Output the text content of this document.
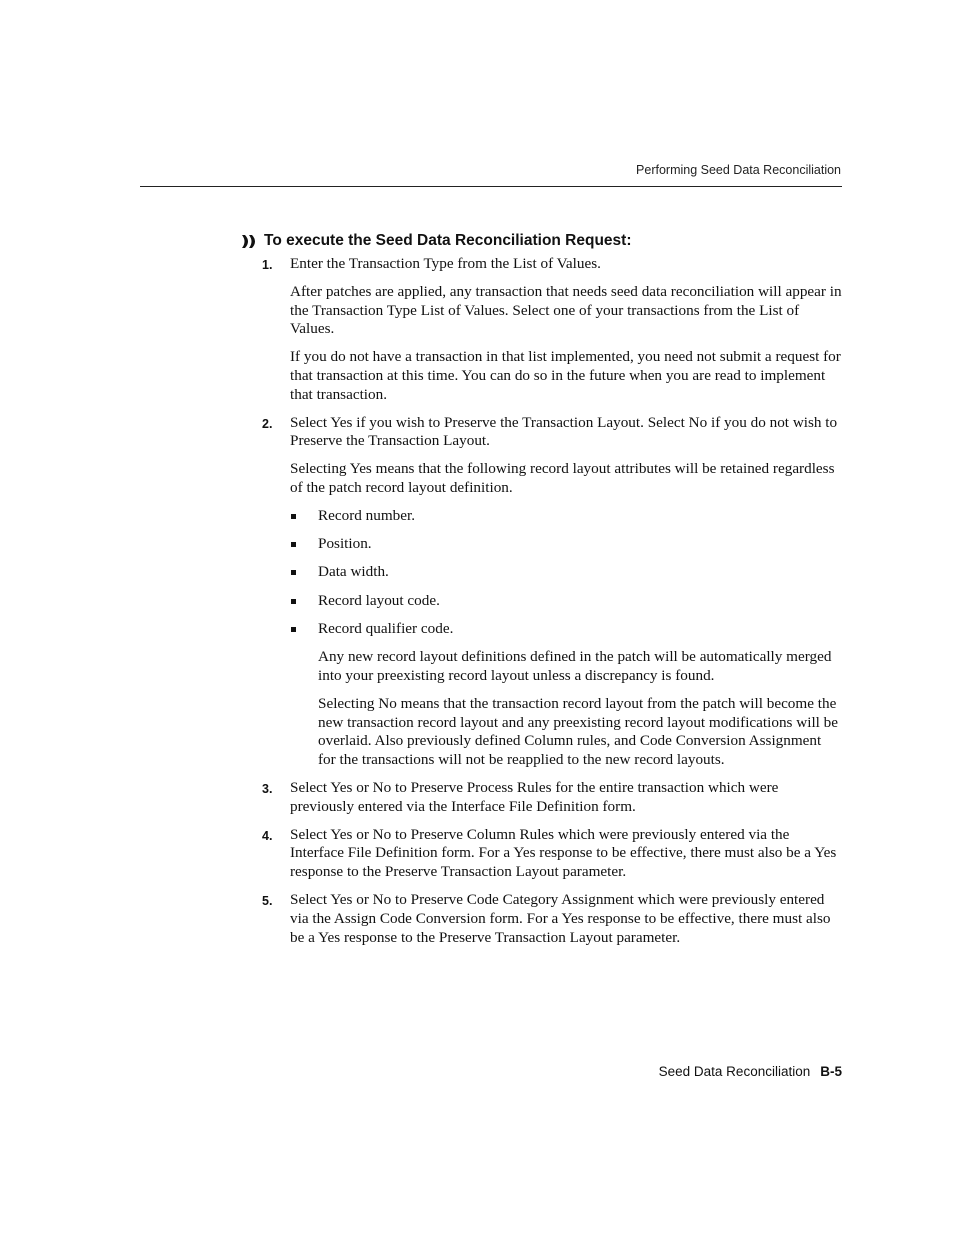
Performing Seed Data Reconciliation
To execute the Seed Data Reconciliation Request:
1. Enter the Transaction Type from the List of Values.

After patches are applied, any transaction that needs seed data reconciliation will appear in the Transaction Type List of Values. Select one of your transactions from the List of Values.

If you do not have a transaction in that list implemented, you need not submit a request for that transaction at this time. You can do so in the future when you are read to implement that transaction.

2. Select Yes if you wish to Preserve the Transaction Layout. Select No if you do not wish to Preserve the Transaction Layout.

Selecting Yes means that the following record layout attributes will be retained regardless of the patch record layout definition.

Record number.
Position.
Data width.
Record layout code.
Record qualifier code.

Any new record layout definitions defined in the patch will be automatically merged into your preexisting record layout unless a discrepancy is found.

Selecting No means that the transaction record layout from the patch will become the new transaction record layout and any preexisting record layout modifications will be overlaid. Also previously defined Column rules, and Code Conversion Assignment for the transactions will not be reapplied to the new record layouts.

3. Select Yes or No to Preserve Process Rules for the entire transaction which were previously entered via the Interface File Definition form.

4. Select Yes or No to Preserve Column Rules which were previously entered via the Interface File Definition form. For a Yes response to be effective, there must also be a Yes response to the Preserve Transaction Layout parameter.

5. Select Yes or No to Preserve Code Category Assignment which were previously entered via the Assign Code Conversion form. For a Yes response to be effective, there must also be a Yes response to the Preserve Transaction Layout parameter.

Seed Data Reconciliation B-5
